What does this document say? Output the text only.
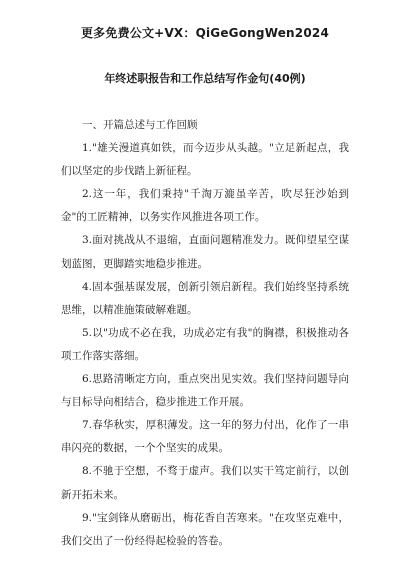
更多免费公文+VX：QiGeGongWen2024
年终述职报告和工作总结写作金句(40例)

一、开篇总述与工作回顾

1."雄关漫道真如铁，而今迈步从头越。"立足新起点，我们以坚定的步伐踏上新征程。

2.这一年，我们秉持"千淘万漉虽辛苦，吹尽狂沙始到金"的工匠精神，以务实作风推进各项工作。

3.面对挑战从不退缩，直面问题精准发力。既仰望星空谋划蓝图，更脚踏实地稳步推进。

4.固本强基谋发展，创新引领启新程。我们始终坚持系统思维，以精准施策破解难题。

5.以"功成不必在我，功成必定有我"的胸襟，积极推动各项工作落实落细。

6.思路清晰定方向，重点突出见实效。我们坚持问题导向与目标导向相结合，稳步推进工作开展。

7.春华秋实，厚积薄发。这一年的努力付出，化作了一串串闪亮的数据，一个个坚实的成果。

8.不驰于空想，不骛于虚声。我们以实干笃定前行，以创新开拓未来。

9."宝剑锋从磨砺出，梅花香自苦寒来。"在攻坚克难中，我们交出了一份经得起检验的答卷。
